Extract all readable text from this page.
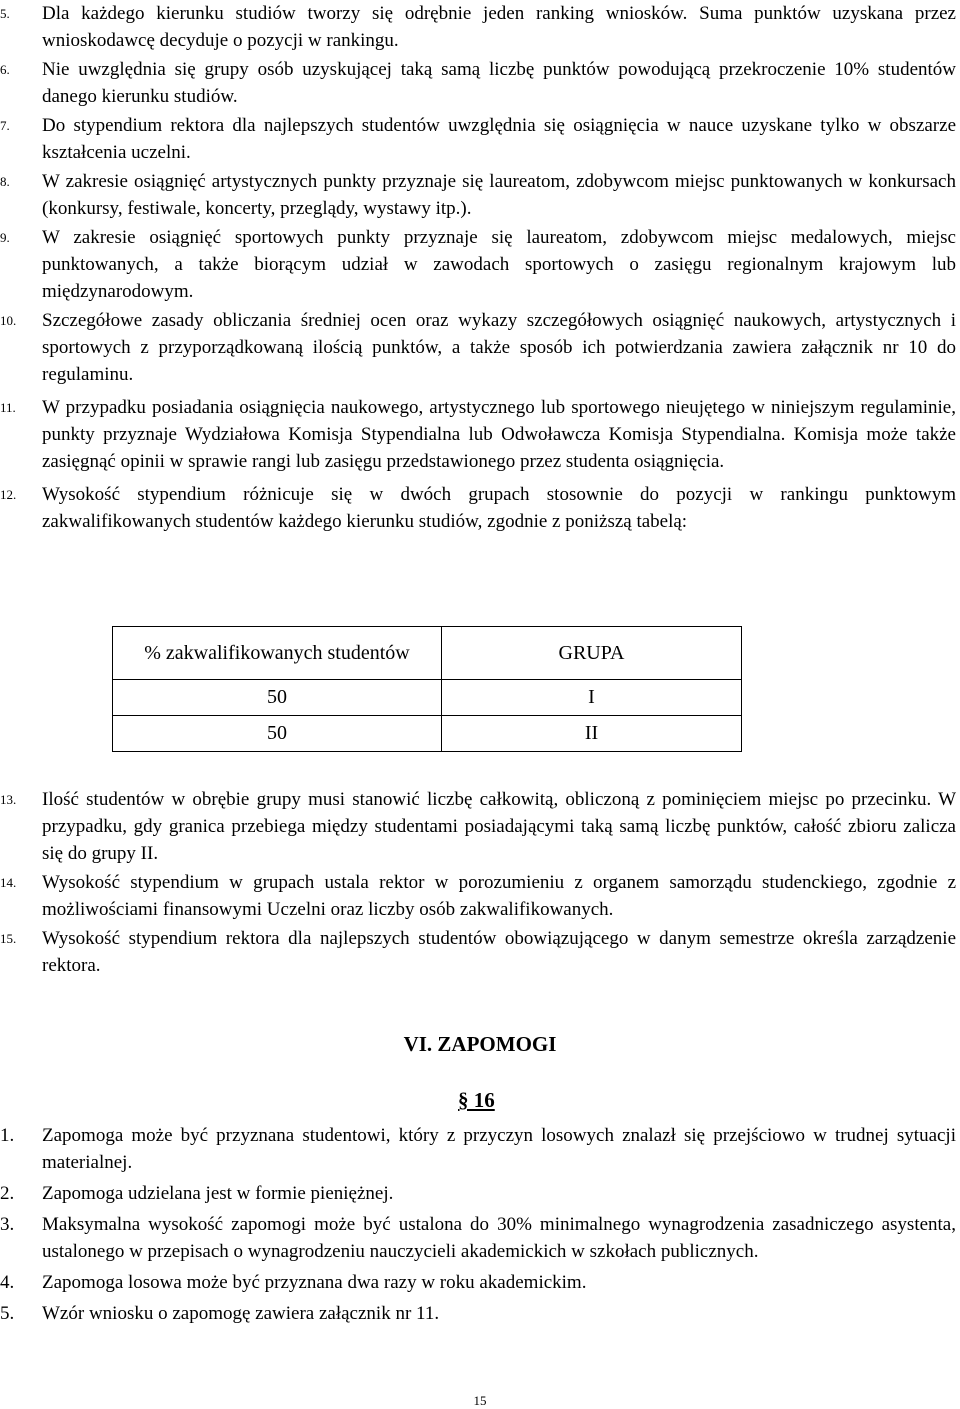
5. Dla każdego kierunku studiów tworzy się odrębnie jeden ranking wniosków. Suma punktów uzyskana przez wnioskodawcę decyduje o pozycji w rankingu.
6. Nie uwzględnia się grupy osób uzyskującej taką samą liczbę punktów powodującą przekroczenie 10% studentów danego kierunku studiów.
7. Do stypendium rektora dla najlepszych studentów uwzględnia się osiągnięcia w nauce uzyskane tylko w obszarze kształcenia uczelni.
8. W zakresie osiągnięć artystycznych punkty przyznaje się laureatom, zdobywcom miejsc punktowanych w konkursach (konkursy, festiwale, koncerty, przeglądy, wystawy itp.).
9. W zakresie osiągnięć sportowych punkty przyznaje się laureatom, zdobywcom miejsc medalowych, miejsc punktowanych, a także biorącym udział w zawodach sportowych o zasięgu regionalnym krajowym lub międzynarodowym.
10. Szczegółowe zasady obliczania średniej ocen oraz wykazy szczegółowych osiągnięć naukowych, artystycznych i sportowych z przyporządkowaną ilością punktów, a także sposób ich potwierdzania zawiera załącznik nr 10 do regulaminu.
11. W przypadku posiadania osiągnięcia naukowego, artystycznego lub sportowego nieujętego w niniejszym regulaminie, punkty przyznaje Wydziałowa Komisja Stypendialna lub Odwoławcza Komisja Stypendialna. Komisja może także zasięgnąć opinii w sprawie rangi lub zasięgu przedstawionego przez studenta osiągnięcia.
12. Wysokość stypendium różnicuje się w dwóch grupach stosownie do pozycji w rankingu punktowym zakwalifikowanych studentów każdego kierunku studiów, zgodnie z poniższą tabelą:
% zakwalifikowanych studentów	GRUPA
50	I
50	II
13. Ilość studentów w obrębie grupy musi stanowić liczbę całkowitą, obliczoną z pominięciem miejsc po przecinku. W przypadku, gdy granica przebiega między studentami posiadającymi taką samą liczbę punktów, całość zbioru zalicza się do grupy II.
14. Wysokość stypendium w grupach ustala rektor w porozumieniu z organem samorządu studenckiego, zgodnie z możliwościami finansowymi Uczelni oraz liczby osób zakwalifikowanych.
15. Wysokość stypendium rektora dla najlepszych studentów obowiązującego w danym semestrze określa zarządzenie rektora.
VI. ZAPOMOGI
§ 16
1. Zapomoga może być przyznana studentowi, który z przyczyn losowych znalazł się przejściowo w trudnej sytuacji materialnej.
2. Zapomoga udzielana jest w formie pieniężnej.
3. Maksymalna wysokość zapomogi może być ustalona do 30% minimalnego wynagrodzenia zasadniczego asystenta, ustalonego w przepisach o wynagrodzeniu nauczycieli akademickich w szkołach publicznych.
4. Zapomoga losowa może być przyznana dwa razy w roku akademickim.
5. Wzór wniosku o zapomogę zawiera załącznik nr 11.
15
